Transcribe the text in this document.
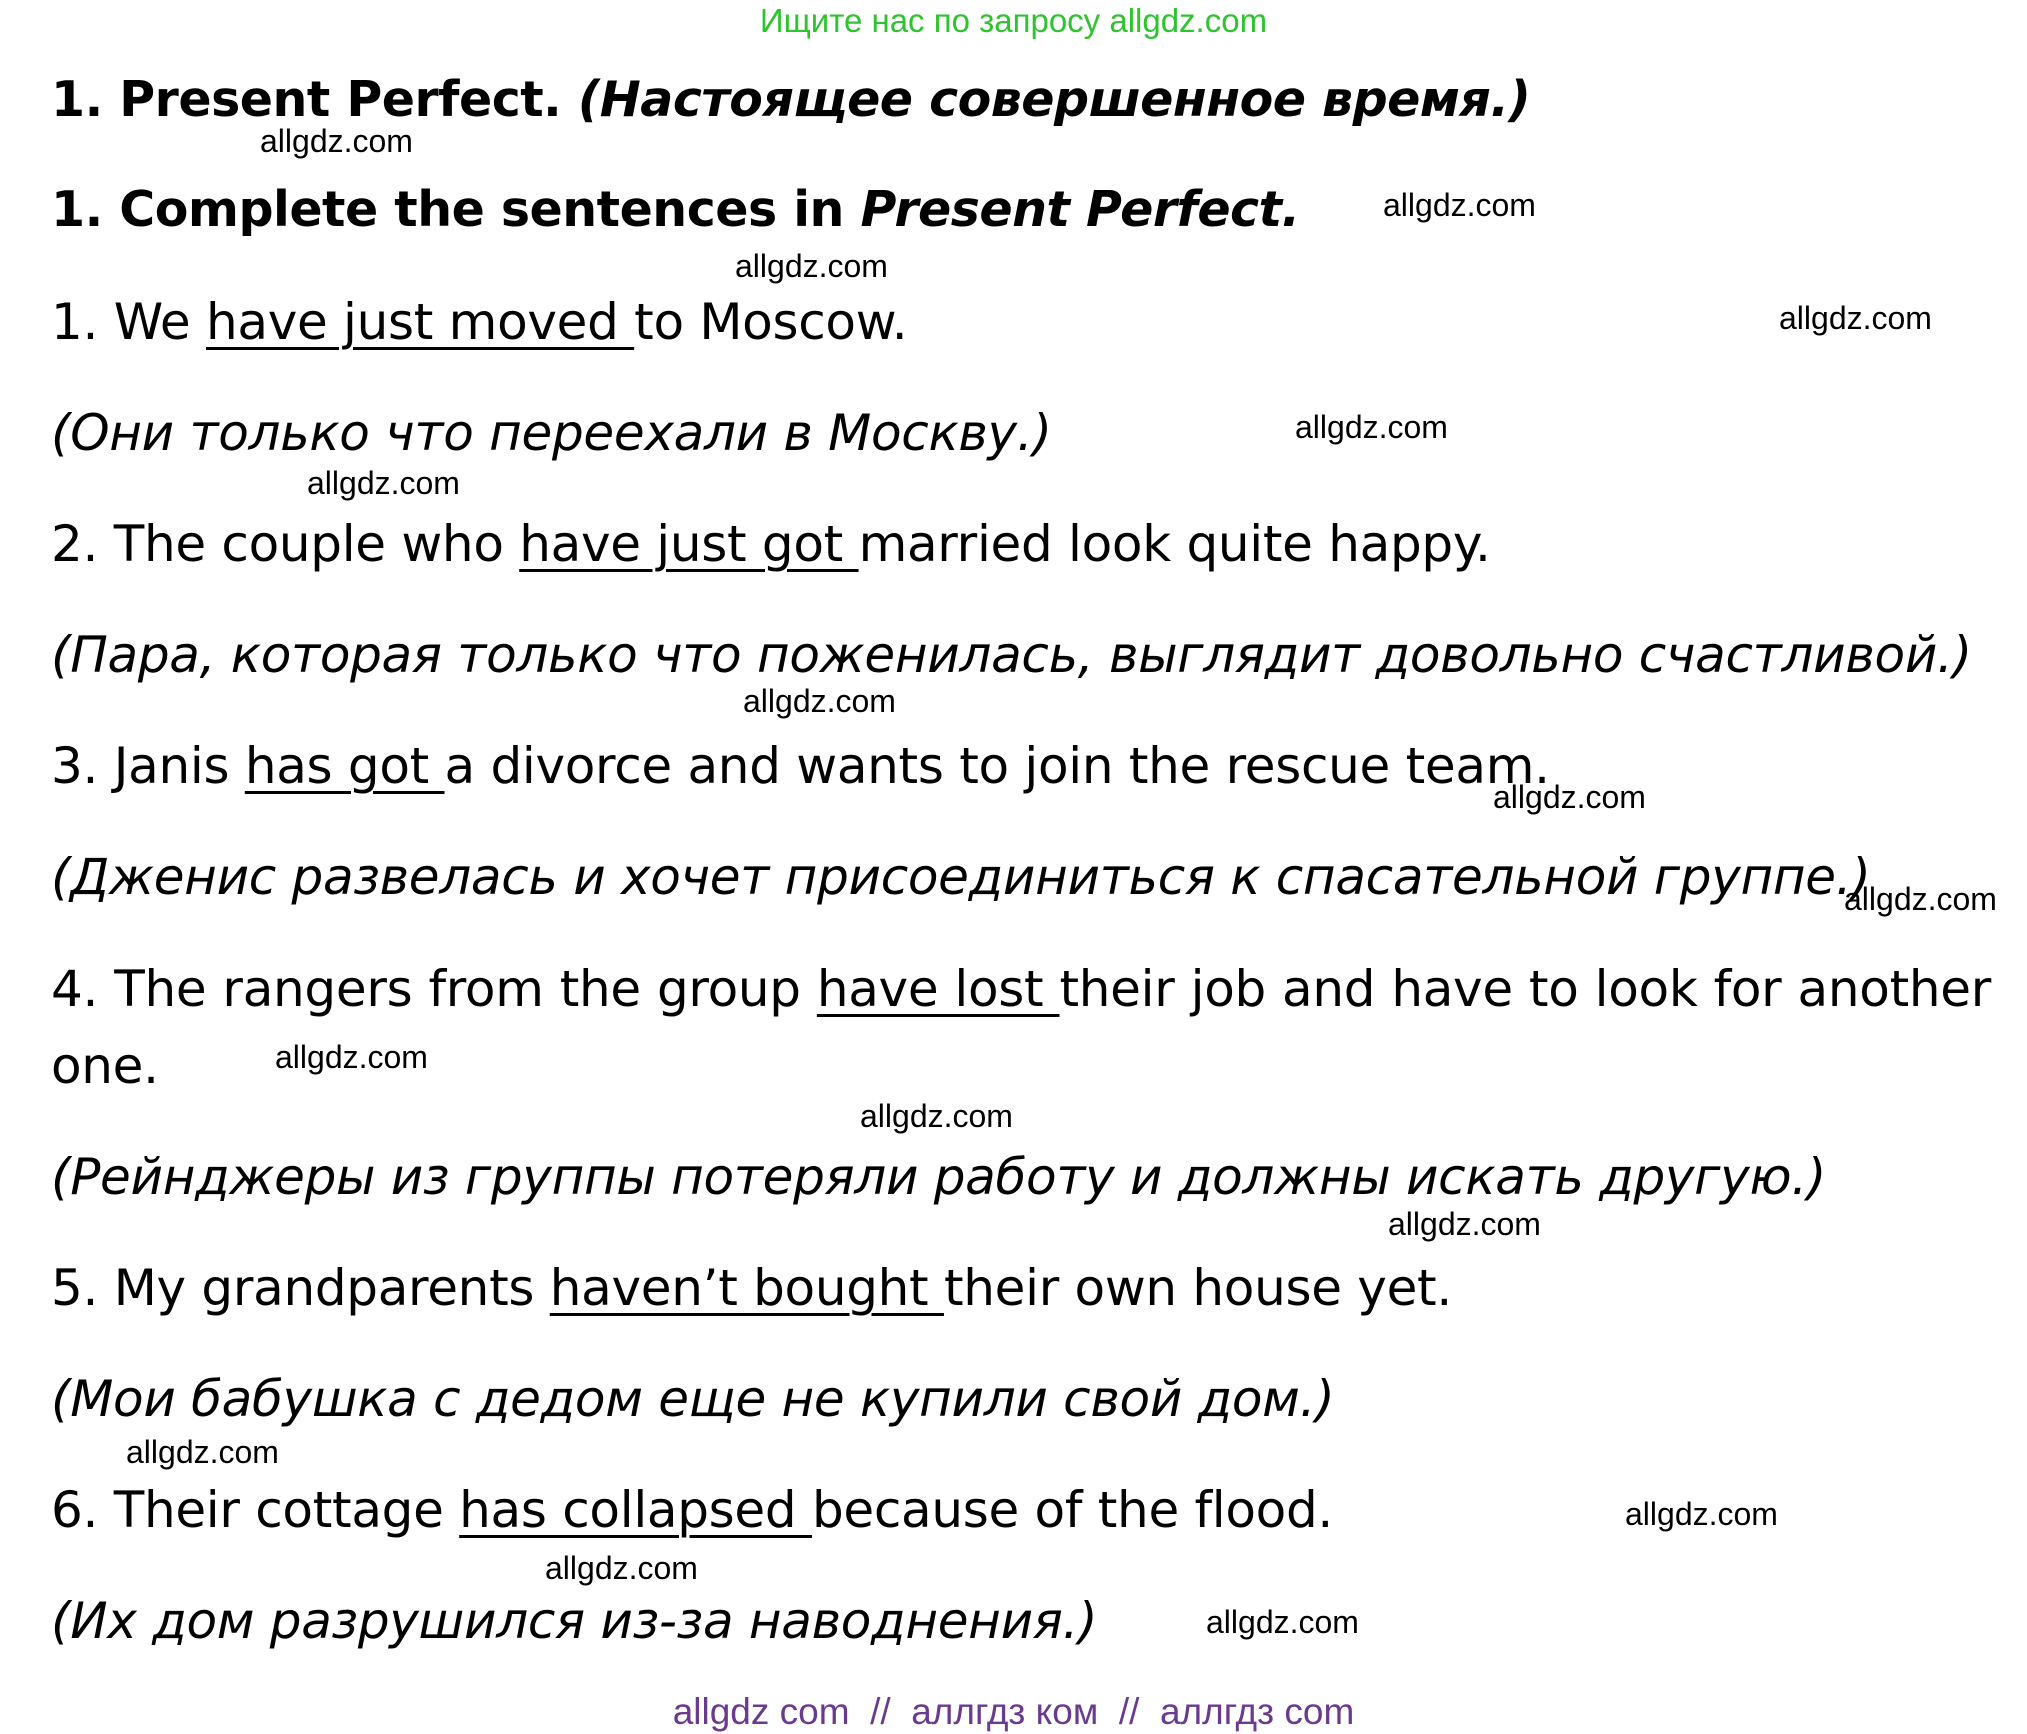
Ищите нас по запросу allgdz.com
1. Present Perfect. (Настоящее совершенное время.)
1. Complete the sentences in Present Perfect.
1. We have just moved to Moscow.
(Они только что переехали в Москву.)
2. The couple who have just got married look quite happy.
(Пара, которая только что поженилась, выглядит довольно счастливой.)
3. Janis has got a divorce and wants to join the rescue team.
(Дженис развелась и хочет присоединиться к спасательной группе.)
4. The rangers from the group have lost their job and have to look for another one.
(Рейнджеры из группы потеряли работу и должны искать другую.)
5. My grandparents haven’t bought their own house yet.
(Мои бабушка с дедом еще не купили свой дом.)
6. Their cottage has collapsed because of the flood.
(Их дом разрушился из-за наводнения.)
allgdz.com
allgdz.com
allgdz.com
allgdz.com
allgdz.com
allgdz.com
allgdz.com
allgdz.com
allgdz.com
allgdz.com
allgdz.com
allgdz.com
allgdz.com
allgdz.com
allgdz.com
allgdz.com
allgdz com  //  аллгдз ком  //  аллгдз com
